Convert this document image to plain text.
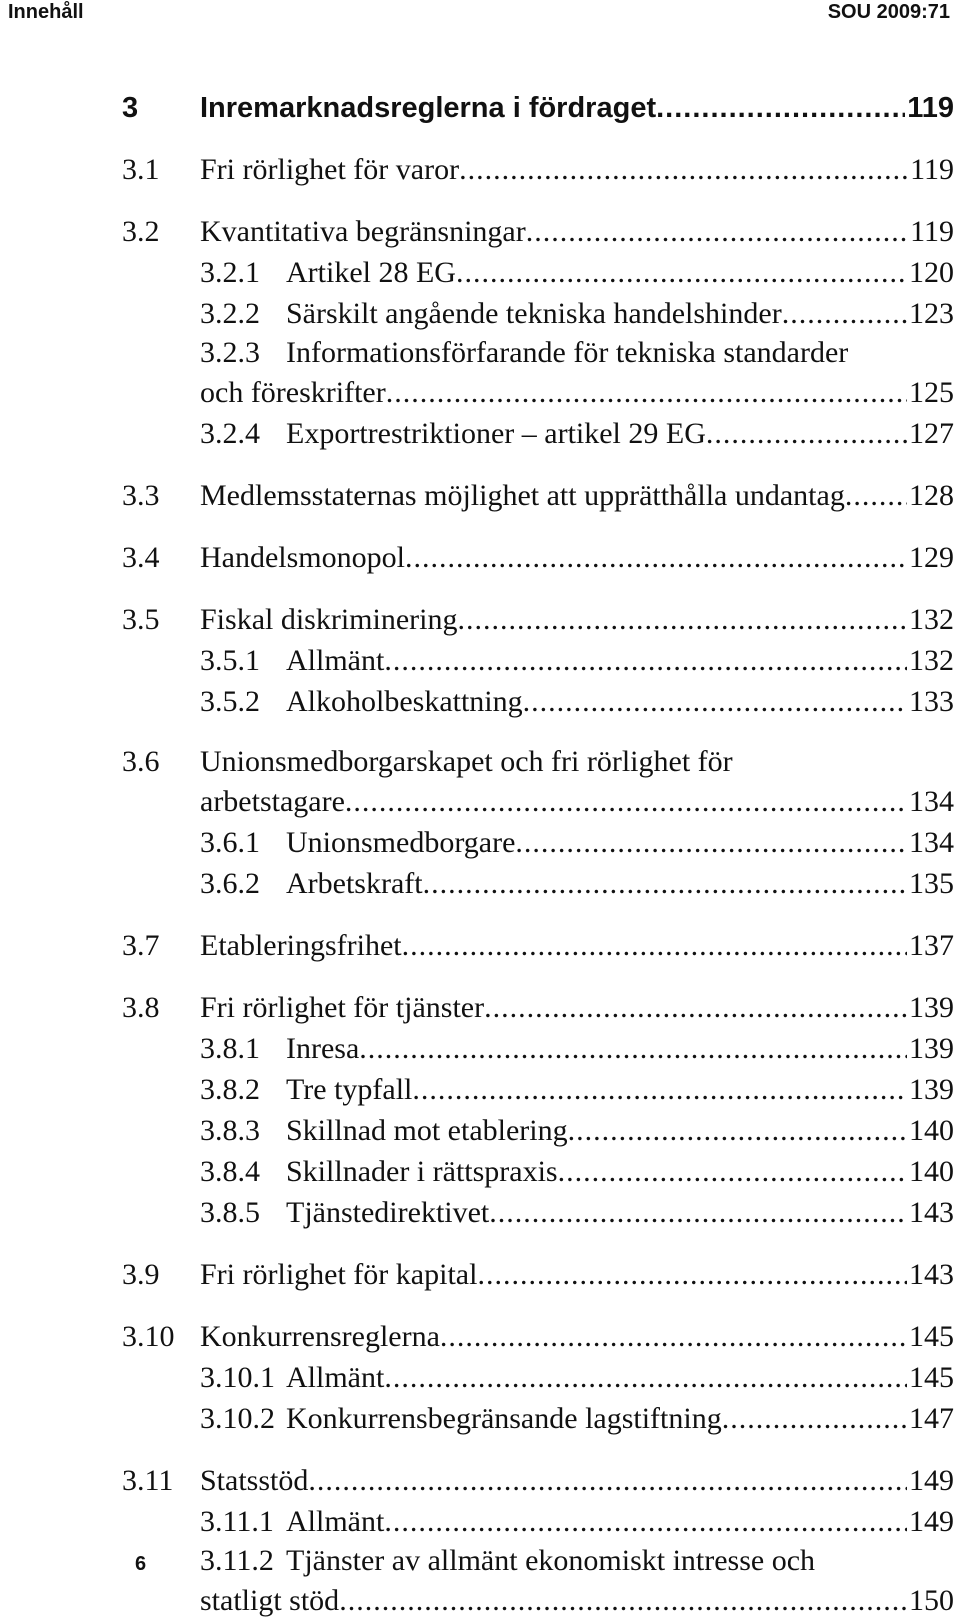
Innehåll	SOU 2009:71
3	Inremarknadsreglerna i fördraget .....	119
3.1	Fri rörlighet för varor .....	119
3.2	Kvantitativa begränsningar .....	119
3.2.1 Artikel 28 EG .....	120
3.2.2 Särskilt angående tekniska handelshinder .....	123
3.2.3 Informationsförfarande för tekniska standarder
och föreskrifter .....	125
3.2.4 Exportrestriktioner – artikel 29 EG .....	127
3.3	Medlemsstaternas möjlighet att upprätthålla undantag ..... 128
3.4	Handelsmonopol .....	129
3.5	Fiskal diskriminering .....	132
3.5.1 Allmänt .....	132
3.5.2 Alkoholbeskattning .....	133
3.6	Unionsmedborgarskapet och fri rörlighet för
arbetstagare .....	134
3.6.1 Unionsmedborgare .....	134
3.6.2 Arbetskraft .....	135
3.7	Etableringsfrihet .....	137
3.8	Fri rörlighet för tjänster .....	139
3.8.1 Inresa .....	139
3.8.2 Tre typfall .....	139
3.8.3 Skillnad mot etablering .....	140
3.8.4 Skillnader i rättspraxis .....	140
3.8.5 Tjänstedirektivet .....	143
3.9	Fri rörlighet för kapital .....	143
3.10 Konkurrensreglerna .....	145
3.10.1 Allmänt .....	145
3.10.2 Konkurrensbegränsande lagstiftning .....	147
3.11 Statsstöd .....	149
3.11.1 Allmänt .....	149
3.11.2 Tjänster av allmänt ekonomiskt intresse och
statligt stöd .....	150
6
